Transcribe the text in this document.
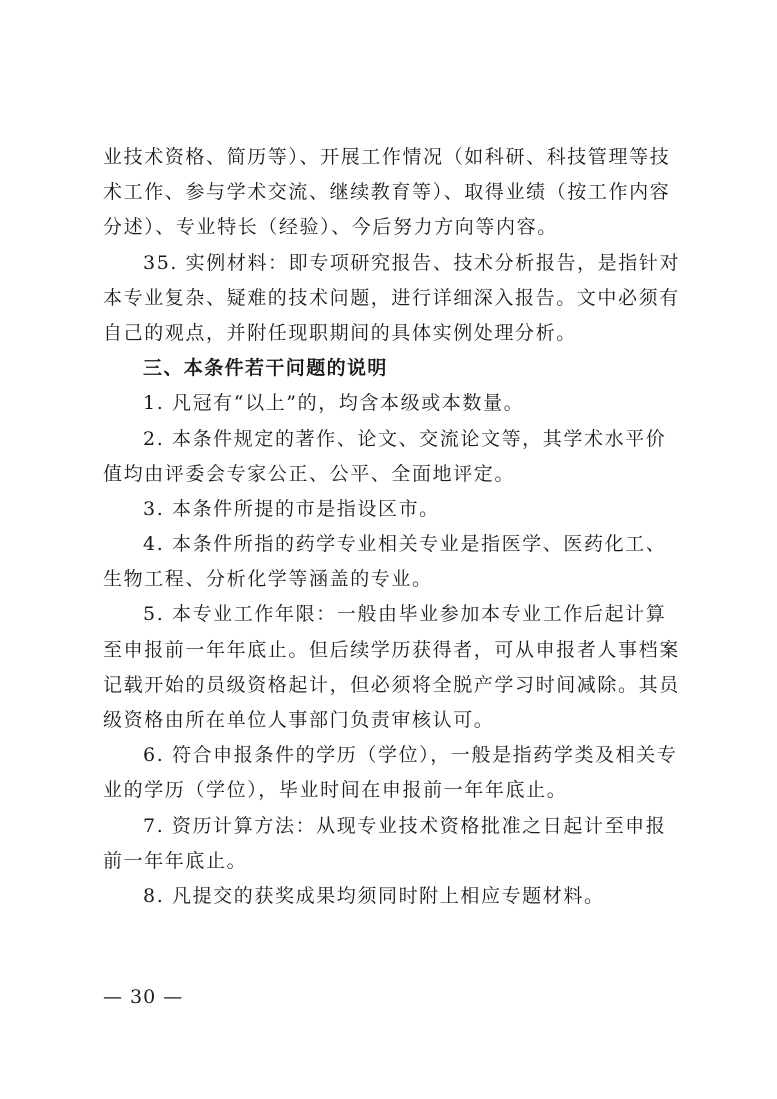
业技术资格、简历等）、开展工作情况（如科研、科技管理等技
术工作、参与学术交流、继续教育等）、取得业绩（按工作内容
分述）、专业特长（经验）、今后努力方向等内容。
35. 实例材料：即专项研究报告、技术分析报告，是指针对
本专业复杂、疑难的技术问题，进行详细深入报告。文中必须有
自己的观点，并附任现职期间的具体实例处理分析。
三、本条件若干问题的说明
1. 凡冠有“以上”的，均含本级或本数量。
2. 本条件规定的著作、论文、交流论文等，其学术水平价
值均由评委会专家公正、公平、全面地评定。
3. 本条件所提的市是指设区市。
4. 本条件所指的药学专业相关专业是指医学、医药化工、
生物工程、分析化学等涵盖的专业。
5. 本专业工作年限：一般由毕业参加本专业工作后起计算
至申报前一年年底止。但后续学历获得者，可从申报者人事档案
记载开始的员级资格起计，但必须将全脱产学习时间减除。其员
级资格由所在单位人事部门负责审核认可。
6. 符合申报条件的学历（学位），一般是指药学类及相关专
业的学历（学位），毕业时间在申报前一年年底止。
7. 资历计算方法：从现专业技术资格批准之日起计至申报
前一年年底止。
8. 凡提交的获奖成果均须同时附上相应专题材料。
— 30 —
